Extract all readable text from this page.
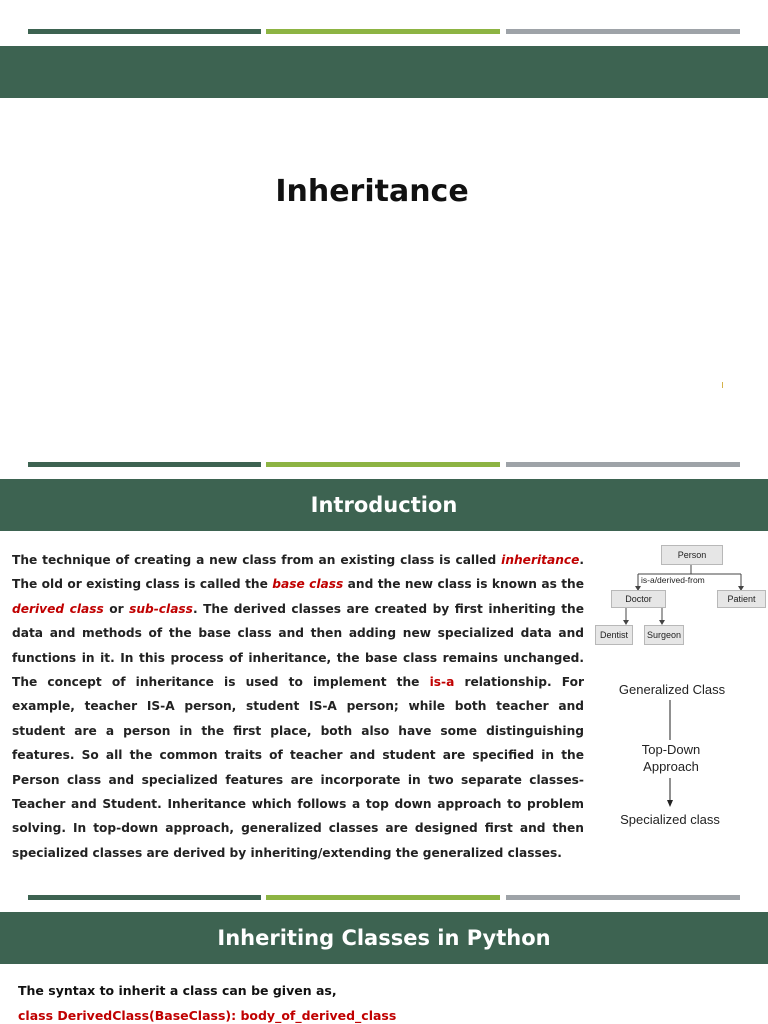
Inheritance
Introduction
The technique of creating a new class from an existing class is called inheritance. The old or existing class is called the base class and the new class is known as the derived class or sub-class. The derived classes are created by first inheriting the data and methods of the base class and then adding new specialized data and functions in it. In this process of inheritance, the base class remains unchanged. The concept of inheritance is used to implement the is-a relationship. For example, teacher IS-A person, student IS-A person; while both teacher and student are a person in the first place, both also have some distinguishing features. So all the common traits of teacher and student are specified in the Person class and specialized features are incorporate in two separate classes- Teacher and Student. Inheritance which follows a top down approach to problem solving. In top-down approach, generalized classes are designed first and then specialized classes are derived by inheriting/extending the generalized classes.
Person
is-a/derived-from
Doctor	Patient
Dentist Surgeon
Generalized Class
Top-Down
Approach
Specialized class
Inheriting Classes in Python
The syntax to inherit a class can be given as,
class DerivedClass(BaseClass): body_of_derived_class
